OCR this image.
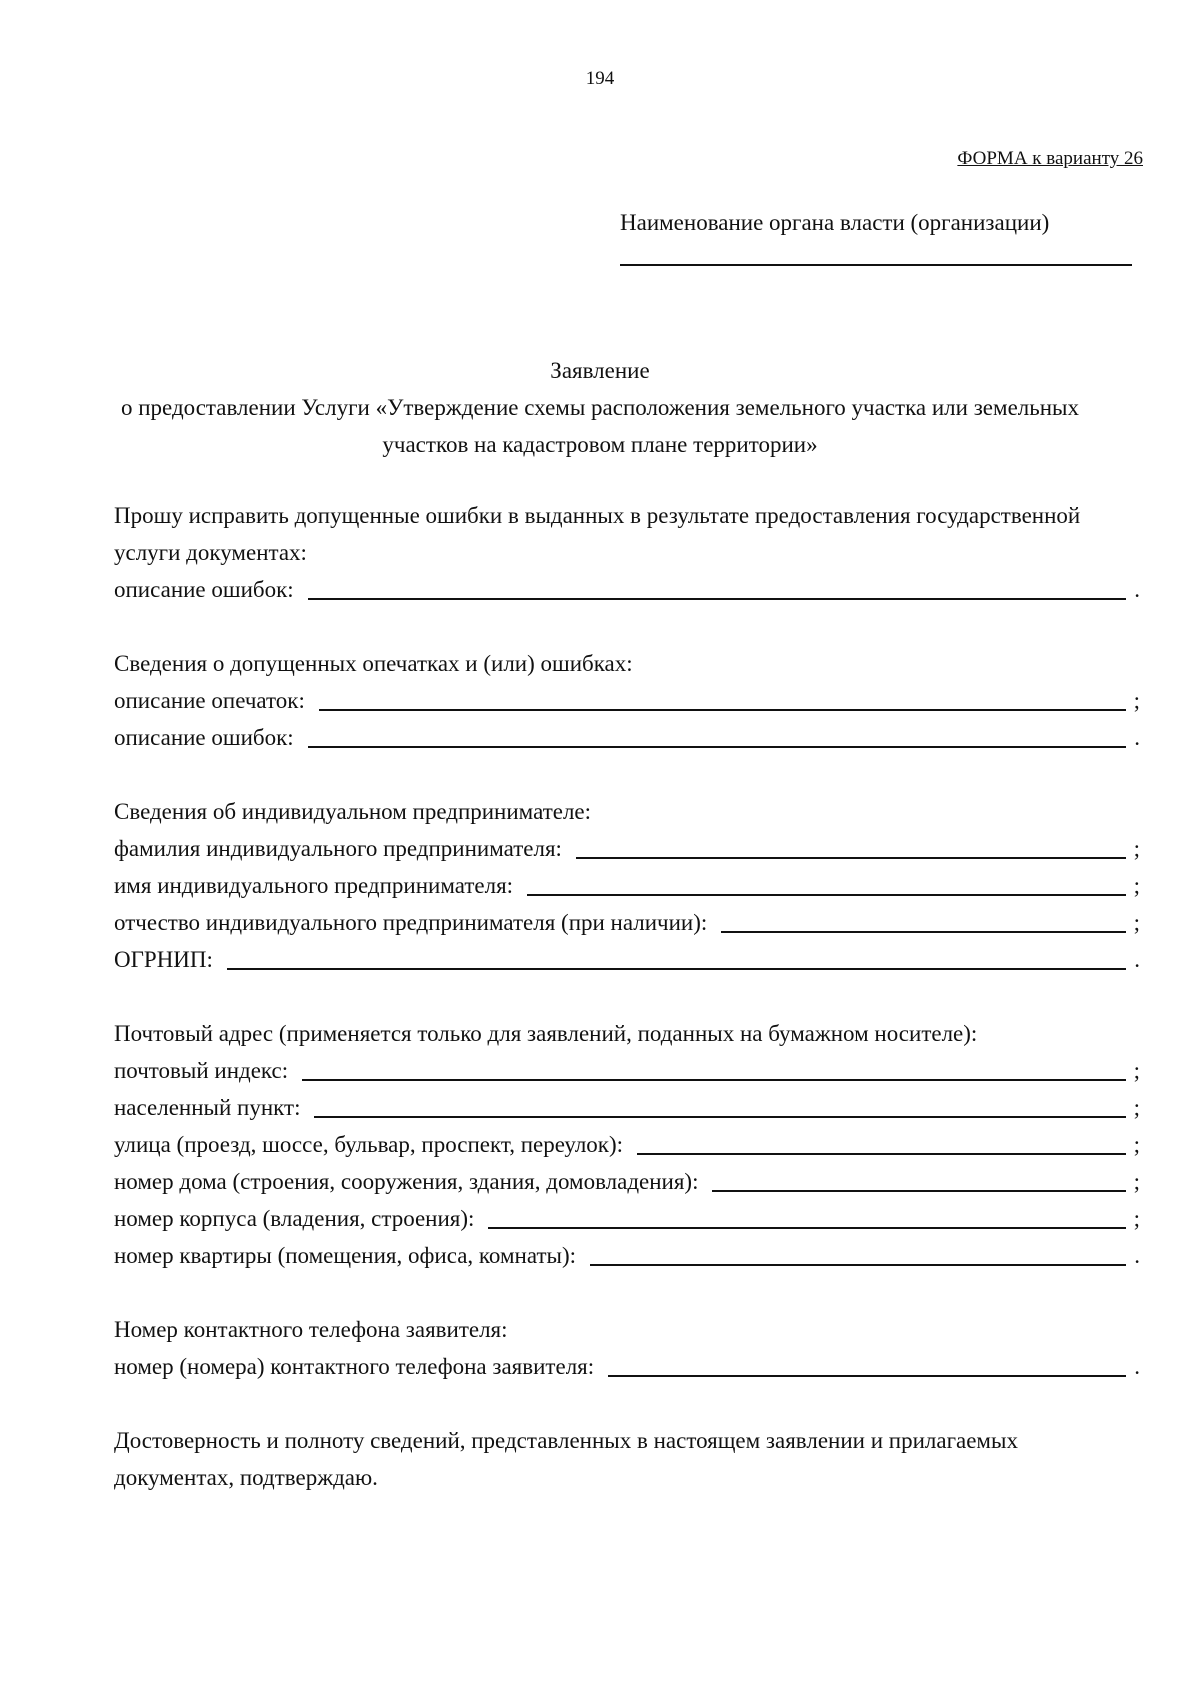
194
ФОРМА к варианту 26
Наименование органа власти (организации)
Заявление
о предоставлении Услуги «Утверждение схемы расположения земельного участка или земельных
участков на кадастровом плане территории»

Прошу исправить допущенные ошибки в выданных в результате предоставления государственной услуги документах:

описание ошибок:	.

Сведения о допущенных опечатках и (или) ошибках:

описание опечаток:	;
описание ошибок:	.

Сведения об индивидуальном предпринимателе:

фамилия индивидуального предпринимателя:	;
имя индивидуального предпринимателя:	;
отчество индивидуального предпринимателя (при наличии):	;
ОГРНИП:	.

Почтовый адрес (применяется только для заявлений, поданных на бумажном носителе):

почтовый индекс:	;
населенный пункт:	;
улица (проезд, шоссе, бульвар, проспект, переулок):	;
номер дома (строения, сооружения, здания, домовладения):	;
номер корпуса (владения, строения):	;
номер квартиры (помещения, офиса, комнаты):	.

Номер контактного телефона заявителя:

номер (номера) контактного телефона заявителя:	.

Достоверность и полноту сведений, представленных в настоящем заявлении и прилагаемых документах, подтверждаю.
